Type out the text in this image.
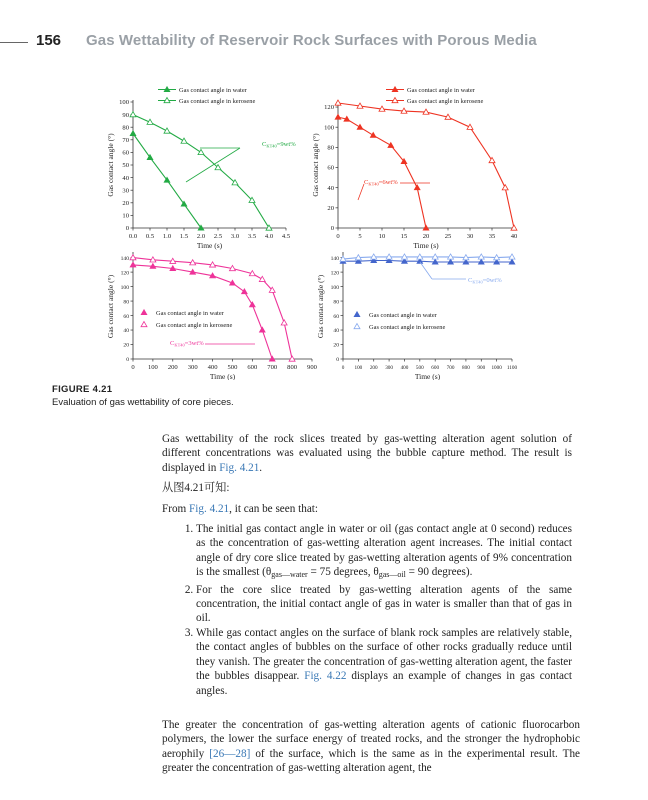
156 Gas Wettability of Reservoir Rock Surfaces with Porous Media
0.0 0.5 1.0 1.5 2.0 2.5 3.0 3.5 4.0 4.5
0
10
20
30
40
50
60
70
80
90
100
Time (s)
Gas contact angle (°)
Gas contact angle in water
Gas contact angle in kerosene
$C_{KT40}=9wt\%$
0	5	10 15 20 25 30 35 40
0
20
40
60
80
100
120
Time (s)
Gas contact angle (°)
Gas contact angle in water
Gas contact angle in kerosene
$C_{KT40}=6wt\%$
0 100 200 300 400 500 600 700 800 900
0
20
40
60
80
100
120
140
Time (s)
Gas contact angle (°)	Gas contact angle in water
Gas contact angle in kerosene
$C_{KT40}=3wt\%$
0 100 200 300 400 500 600 700 800 900 1000 1100
0
20
40
60
80
100
120
140
Time (s)
Gas contact angle (°)	Gas contact angle in water
Gas contact angle in kerosene
$C_{KT40}=0wt\%$
FIGURE 4.21
Evaluation of gas wettability of core pieces.

Gas wettability of the rock slices treated by gas-wetting alteration agent solution of different concentrations was evaluated using the bubble capture method. The result is displayed in Fig. 4.21.

从图4.21可知:

From Fig. 4.21, it can be seen that:

1. The initial gas contact angle in water or oil (gas contact angle at 0 second) reduces as the concentration of gas-wetting alteration agent increases. The initial contact angle of dry core slice treated by gas-wetting alteration agents of 9% concentration is the smallest ($\theta_{gas—water} = 75$ degrees, $\theta_{gas—oil} = 90$ degrees).
2. For the core slice treated by gas-wetting alteration agents of the same concentration, the initial contact angle of gas in water is smaller than that of gas in oil.
3. While gas contact angles on the surface of blank rock samples are relatively stable, the contact angles of bubbles on the surface of other rocks gradually reduce until they vanish. The greater the concentration of gas-wetting alteration agent, the faster the bubbles disappear. Fig. 4.22 displays an example of changes in gas contact angles.
The greater the concentration of gas-wetting alteration agents of cationic fluorocarbon polymers, the lower the surface energy of treated rocks, and the stronger the hydrophobic aerophily [26—28] of the surface, which is the same as in the experimental result. The greater the concentration of gas-wetting alteration agent, the
